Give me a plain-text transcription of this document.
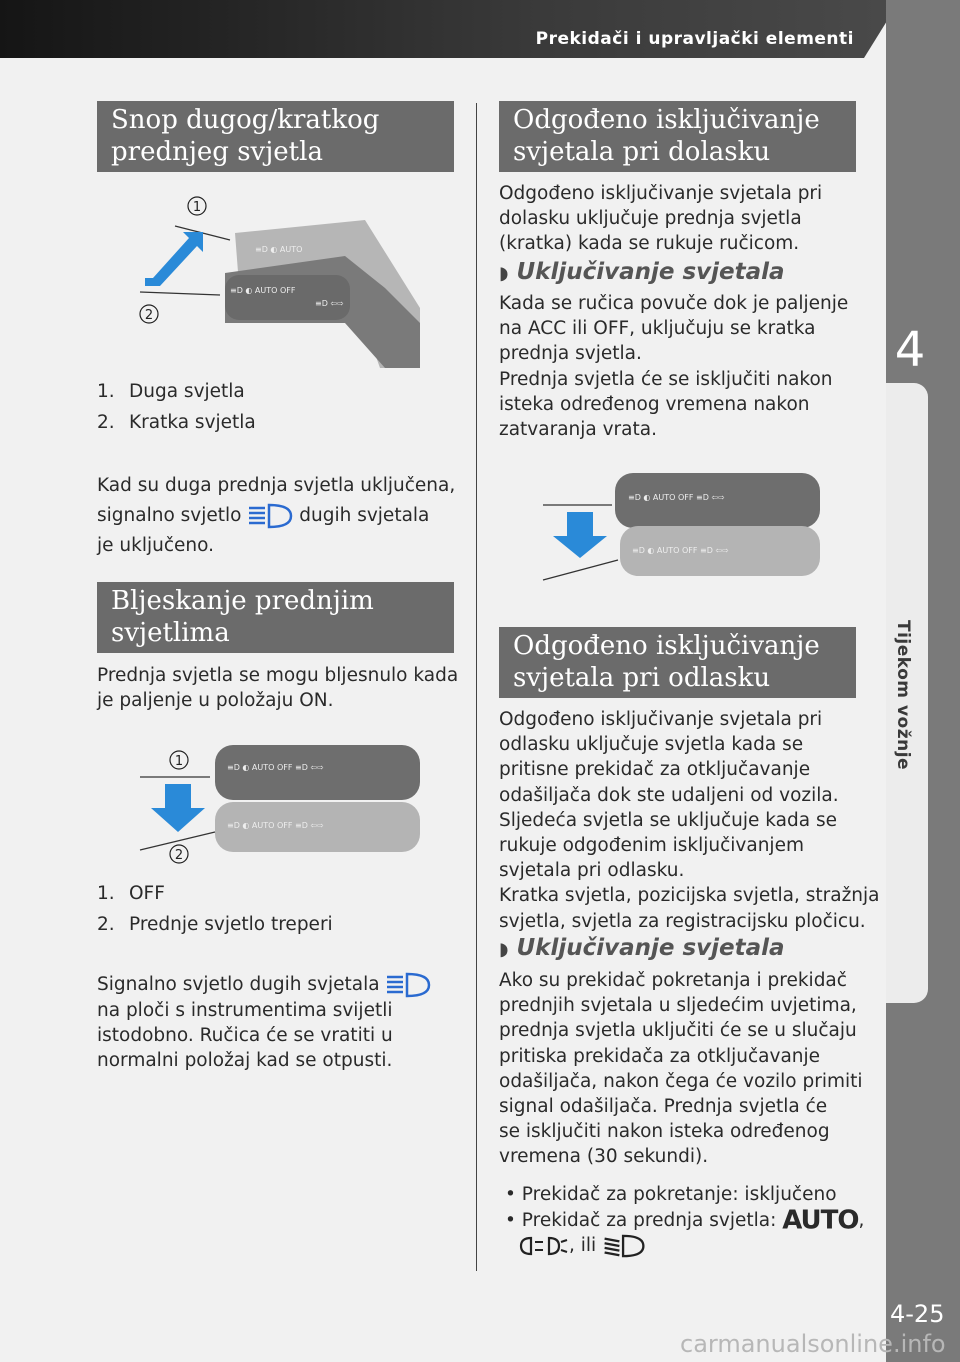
Prekidači i upravljački elementi
4
Tijekom vožnje
4-25
carmanualsonline.info
Snop dugog/kratkog
prednjeg svjetla
≡D ◐ AUTO
≡D ◐ AUTO OFF
≡D ⇦⇨
1
2
1. Duga svjetla
2. Kratka svjetla
Kad su duga prednja svjetla uključena,
signalno svjetlo	dugih svjetala
je uključeno.
Bljeskanje prednjim
svjetlima
Prednja svjetla se mogu bljesnulo kada
je paljenje u položaju ON.
≡D ◐ AUTO OFF ≡D ⇦⇨
≡D ◐ AUTO OFF ≡D ⇦⇨
1
2
1. OFF
2. Prednje svjetlo treperi
Signalno svjetlo dugih svjetala
na ploči s instrumentima svijetli
istodobno. Ručica će se vratiti u
normalni položaj kad se otpusti.
Odgođeno isključivanje
svjetala pri dolasku
Odgođeno isključivanje svjetala pri
dolasku uključuje prednja svjetla
(kratka) kada se rukuje ručicom.
◗ Uključivanje svjetala
Kada se ručica povuče dok je paljenje
na ACC ili OFF, uključuju se kratka
prednja svjetla.
Prednja svjetla će se isključiti nakon
isteka određenog vremena nakon
zatvaranja vrata.
≡D ◐ AUTO OFF ≡D ⇦⇨
≡D ◐ AUTO OFF ≡D ⇦⇨
Odgođeno isključivanje
svjetala pri odlasku
Odgođeno isključivanje svjetala pri
odlasku uključuje svjetla kada se
pritisne prekidač za otključavanje
odašiljača dok ste udaljeni od vozila.
Sljedeća svjetla se uključuje kada se
rukuje odgođenim isključivanjem
svjetala pri odlasku.
Kratka svjetla, pozicijska svjetla, stražnja
svjetla, svjetla za registracijsku pločicu.
◗ Uključivanje svjetala
Ako su prekidač pokretanja i prekidač
prednjih svjetala u sljedećim uvjetima,
prednja svjetla uključiti će se u slučaju
pritiska prekidača za otključavanje
odašiljača, nakon čega će vozilo primiti
signal odašiljača. Prednja svjetla će
se isključiti nakon isteka određenog
vremena (30 sekundi).
• Prekidač za pokretanje: isključeno
• Prekidač za prednja svjetla: AUTO,
, ili
